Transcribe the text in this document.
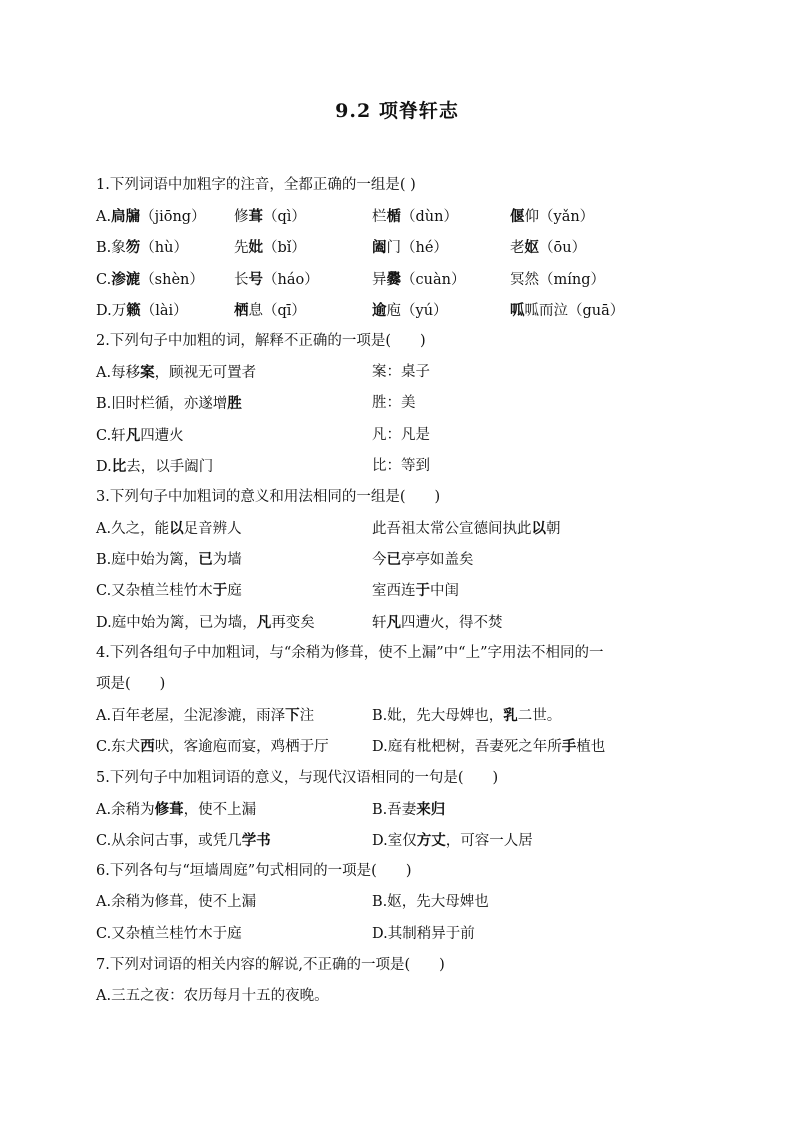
9.2 项脊轩志
1.下列词语中加粗字的注音，全都正确的一组是( )
A.扃牖（jiōng） 修葺（qì）	栏楯（dùn）	偃仰（yǎn）
B.象笏（hù）	先妣（bǐ）	阖门（hé）	老妪（ōu）
C.渗漉（shèn） 长号（háo）	异爨（cuàn）	冥然（míng）
D.万籁（lài）	栖息（qī）	逾庖（yú）	呱呱而泣（guā）
2.下列句子中加粗的词，解释不正确的一项是(　　)
A.每移案，顾视无可置者	案：桌子
B.旧时栏循，亦遂增胜	胜：美
C.轩凡四遭火	凡：凡是
D.比去，以手阖门	比：等到
3.下列句子中加粗词的意义和用法相同的一组是(　　)
A.久之，能以足音辨人	此吾祖太常公宣德间执此以朝
B.庭中始为篱，已为墙	今已亭亭如盖矣
C.又杂植兰桂竹木于庭	室西连于中闺
D.庭中始为篱，已为墙，凡再变矣	轩凡四遭火，得不焚
4.下列各组句子中加粗词，与“余稍为修葺，使不上漏”中“上”字用法不相同的一
项是(　　)
A.百年老屋，尘泥渗漉，雨泽下注	B.妣，先大母婢也，乳二世。
C.东犬西吠，客逾庖而宴，鸡栖于厅	D.庭有枇杷树，吾妻死之年所手植也
5.下列句子中加粗词语的意义，与现代汉语相同的一句是(　　)
A.余稍为修葺，使不上漏	B.吾妻来归
C.从余问古事，或凭几学书	D.室仅方丈，可容一人居
6.下列各句与“垣墙周庭”句式相同的一项是(　　)
A.余稍为修葺，使不上漏	B.妪，先大母婢也
C.又杂植兰桂竹木于庭	D.其制稍异于前
7.下列对词语的相关内容的解说,不正确的一项是(　　)
A.三五之夜：农历每月十五的夜晚。
